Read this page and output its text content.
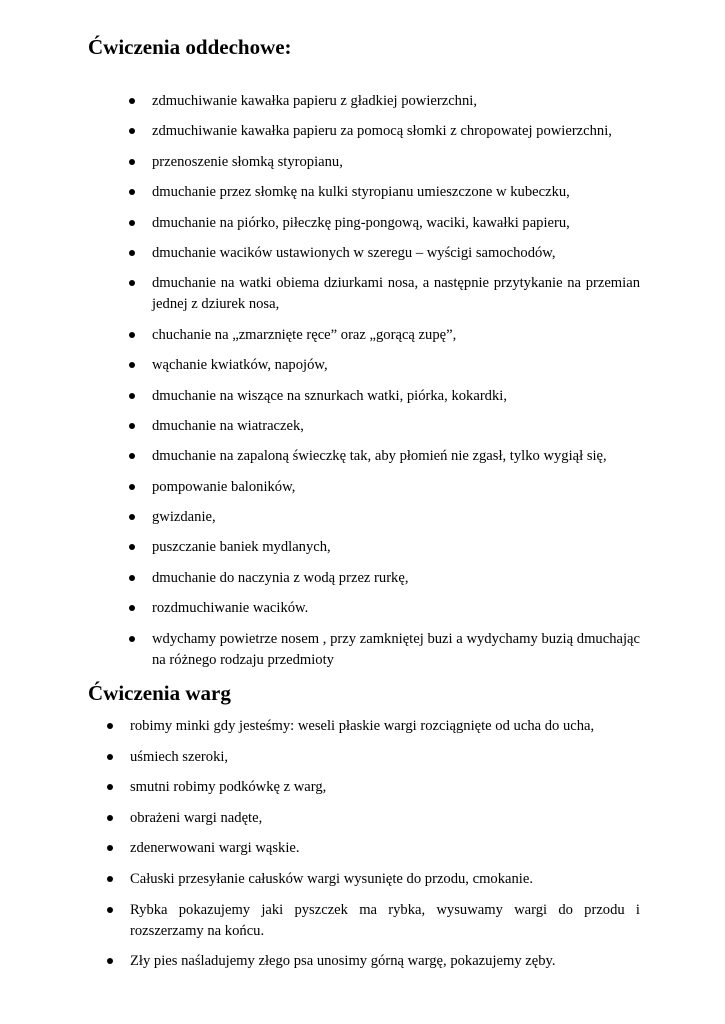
Ćwiczenia oddechowe:
zdmuchiwanie kawałka papieru z gładkiej powierzchni,
zdmuchiwanie kawałka papieru za pomocą słomki z chropowatej powierzchni,
przenoszenie słomką styropianu,
dmuchanie przez słomkę na kulki styropianu umieszczone w kubeczku,
dmuchanie na piórko, piłeczkę ping-pongową, waciki, kawałki papieru,
dmuchanie wacików ustawionych w szeregu – wyścigi samochodów,
dmuchanie na watki obiema dziurkami nosa, a następnie przytykanie na przemian jednej z dziurek nosa,
chuchanie na „zmarznięte ręce” oraz „gorącą zupę”,
wąchanie kwiatków, napojów,
dmuchanie na wiszące na sznurkach watki, piórka, kokardki,
dmuchanie na wiatraczek,
dmuchanie na zapaloną świeczkę tak, aby płomień nie zgasł, tylko wygiął się,
pompowanie baloników,
gwizdanie,
puszczanie baniek mydlanych,
dmuchanie do naczynia z wodą przez rurkę,
rozdmuchiwanie wacików.
wdychamy powietrze nosem , przy zamkniętej buzi a wydychamy buzią dmuchając na różnego rodzaju przedmioty
Ćwiczenia warg
robimy minki gdy jesteśmy: weseli płaskie wargi rozciągnięte od ucha do ucha,
uśmiech szeroki,
smutni robimy podkówkę z warg,
obrażeni wargi nadęte,
zdenerwowani wargi wąskie.
Całuski przesyłanie całusków wargi wysunięte do przodu, cmokanie.
Rybka pokazujemy jaki pyszczek ma rybka, wysuwamy wargi do przodu i rozszerzamy na końcu.
Zły pies naśladujemy złego psa unosimy górną wargę, pokazujemy zęby.
